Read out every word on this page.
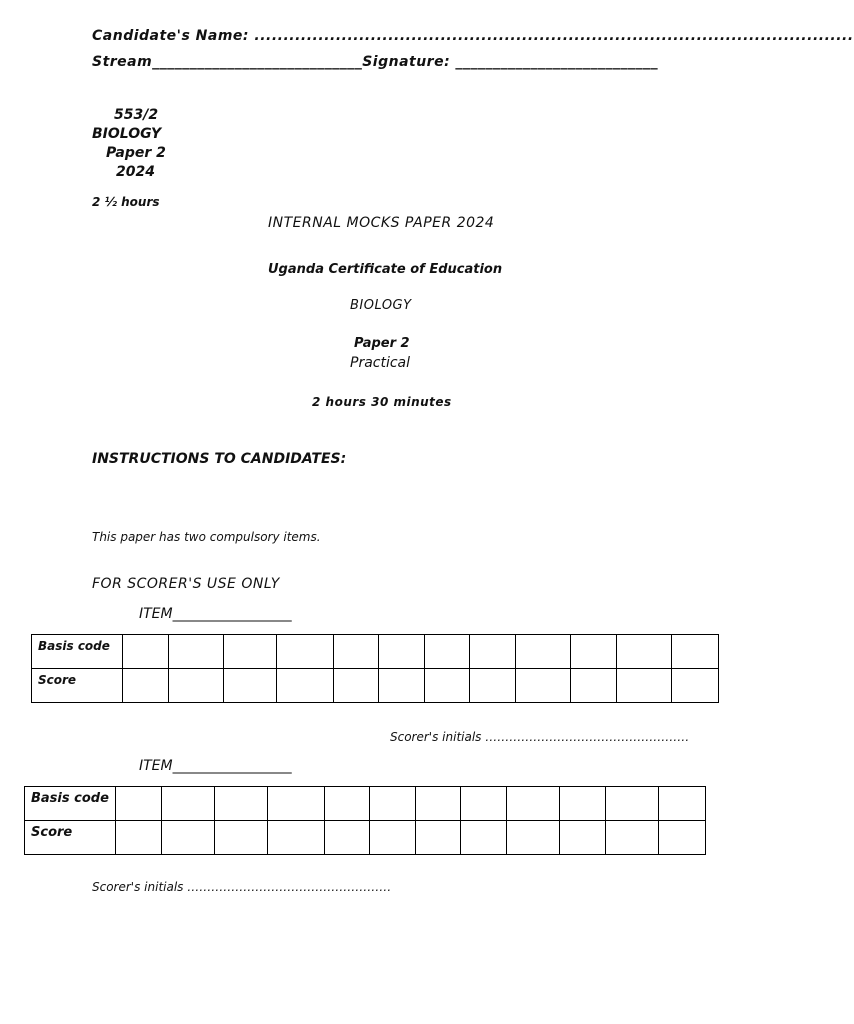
Candidate's Name: .......................................................................................................
Stream____________________________Signature: ___________________________
553/2
BIOLOGY
Paper 2
2024
2 ½ hours
INTERNAL MOCKS PAPER 2024
Uganda Certificate of Education
BIOLOGY
Paper 2
Practical
2 hours 30 minutes
INSTRUCTIONS TO CANDIDATES:
This paper has two compulsory items.
FOR SCORER'S USE ONLY
ITEM_________________
Basis code												
Score												
Scorer's initials ……………………………………………
ITEM_________________
Basis code												
Score												
Scorer's initials ……………………………………………
